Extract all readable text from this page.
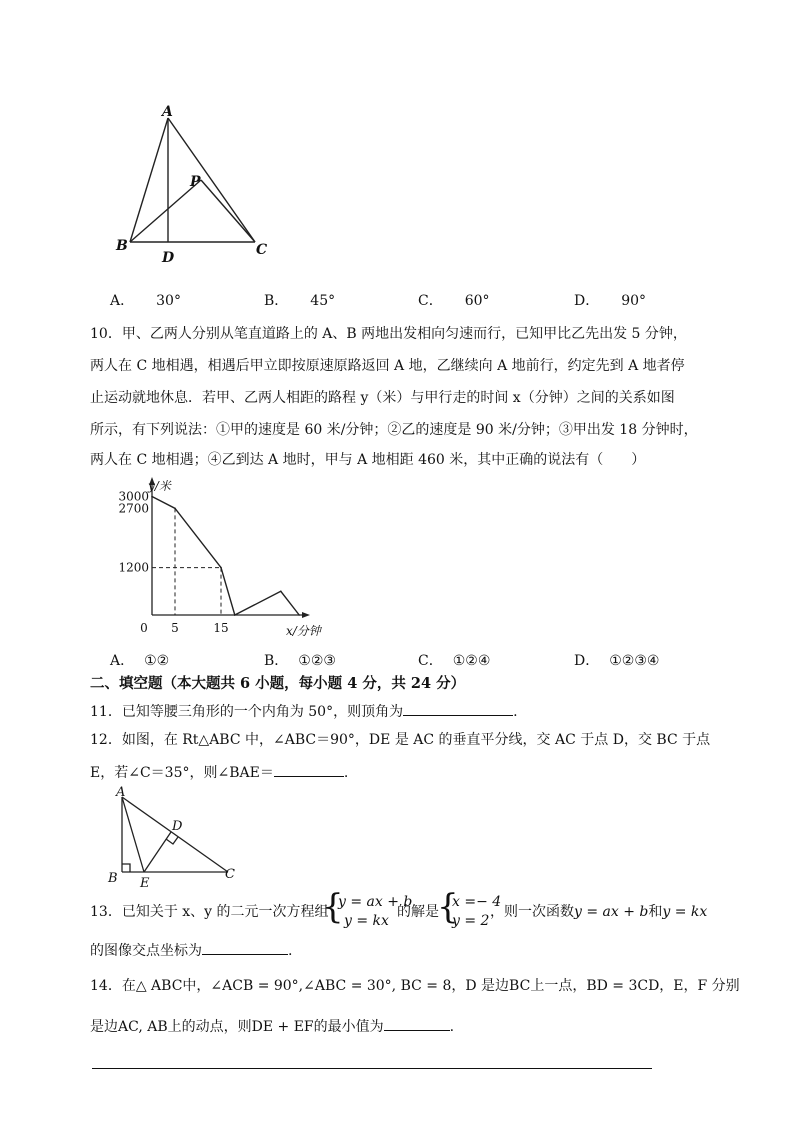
A
B	C
D
P
A． 30°	B． 45°	C． 60°	D． 90°
10．甲、乙两人分别从笔直道路上的 A、B 两地出发相向匀速而行，已知甲比乙先出发 5 分钟，
两人在 C 地相遇，相遇后甲立即按原速原路返回 A 地，乙继续向 A 地前行，约定先到 A 地者停
止运动就地休息．若甲、乙两人相距的路程 y（米）与甲行走的时间 x（分钟）之间的关系如图
所示，有下列说法：①甲的速度是 60 米/分钟；②乙的速度是 90 米/分钟；③甲出发 18 分钟时，
两人在 C 地相遇；④乙到达 A 地时，甲与 A 地相距 460 米，其中正确的说法有（　　）
3000
2700
1200
0 5	15
y/米
x/分钟
A． ①②	B． ①②③	C． ①②④	D． ①②③④
二、填空题（本大题共 6 小题，每小题 4 分，共 24 分）
11．已知等腰三角形的一个内角为 50°，则顶角为	.
12．如图，在 Rt△ABC 中，∠ABC＝90°，DE 是 AC 的垂直平分线，交 AC 于点 D，交 BC 于点
E，若∠C＝35°，则∠BAE＝	.
A
B	C
D
E
13．已知关于 x、y 的二元一次方程组
{
y = ax + b
y = kx
的解是
{
x =− 4
y = 2
，则一次函数y = ax + b和y = kx
的图像交点坐标为	.
14．在△ ABC中，∠ACB = 90°,∠ABC = 30°, BC = 8，D 是边BC上一点，BD = 3CD，E，F 分别
是边AC, AB上的动点，则DE + EF的最小值为	.
